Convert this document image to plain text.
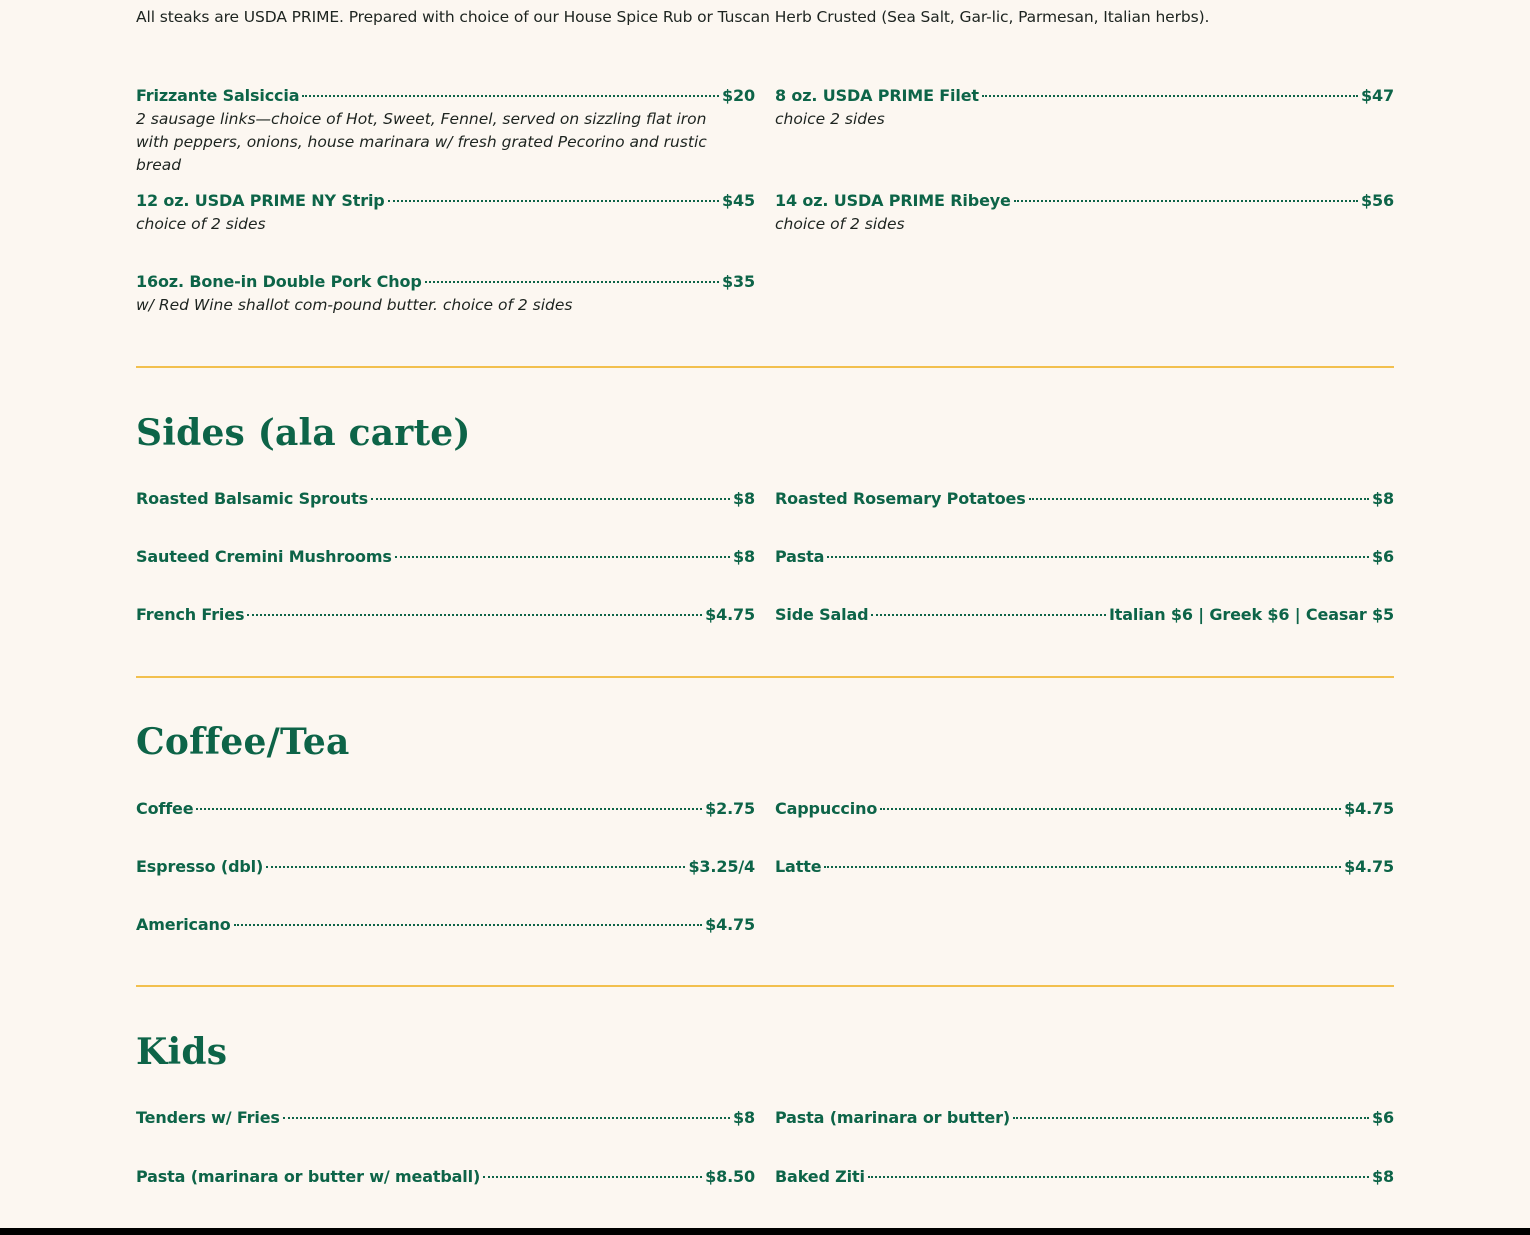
All steaks are USDA PRIME. Prepared with choice of our House Spice Rub or Tuscan Herb Crusted (Sea Salt, Gar-lic, Parmesan, Italian herbs).
Frizzante Salsiccia	$20
2 sausage links—choice of Hot, Sweet, Fennel, served on sizzling flat iron with peppers, onions, house marinara w/ fresh grated Pecorino and rustic bread
8 oz. USDA PRIME Filet	$47
choice 2 sides
12 oz. USDA PRIME NY Strip	$45
choice of 2 sides
14 oz. USDA PRIME Ribeye	$56
choice of 2 sides
16oz. Bone-in Double Pork Chop	$35
w/ Red Wine shallot com-pound butter. choice of 2 sides
Sides (ala carte)
Roasted Balsamic Sprouts	$8 Roasted Rosemary Potatoes	$8
Sauteed Cremini Mushrooms	$8 Pasta	$6
French Fries	$4.75 Side Salad	Italian $6 | Greek $6 | Ceasar $5
Coffee/Tea
Coffee	$2.75 Cappuccino	$4.75
Espresso (dbl)	$3.25/4 Latte	$4.75
Americano	$4.75
Kids
Tenders w/ Fries	$8 Pasta (marinara or butter)	$6
Pasta (marinara or butter w/ meatball)	$8.50 Baked Ziti	$8
